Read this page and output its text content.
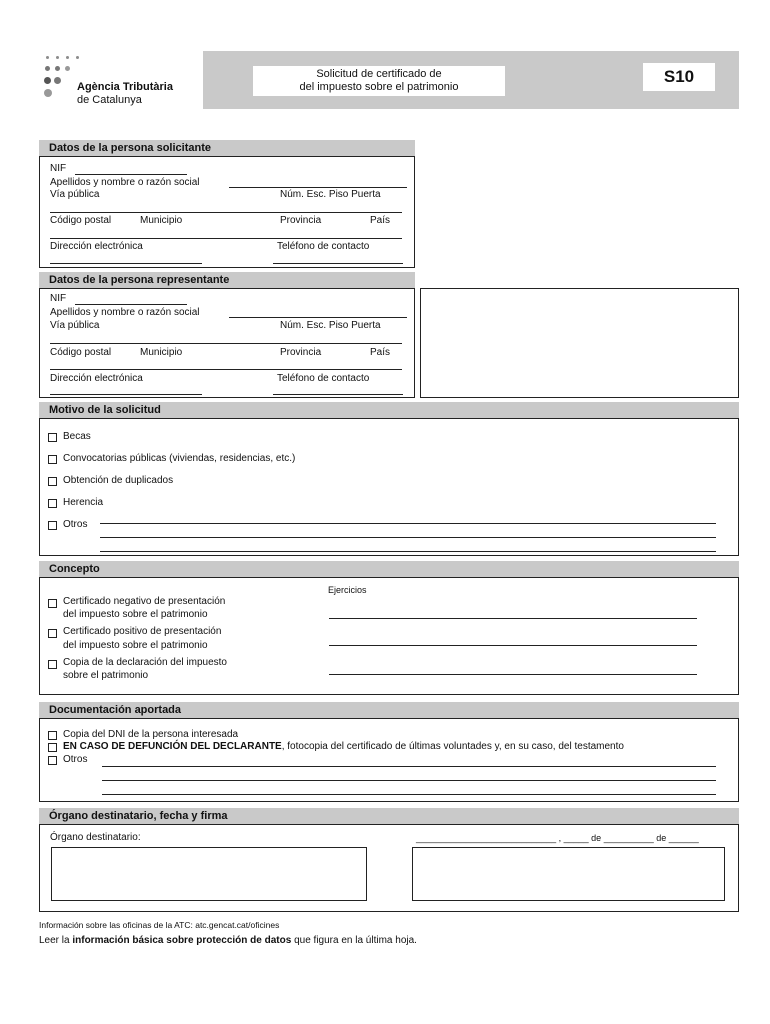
Agència Tributària
de Catalunya
Solicitud de certificado de
del impuesto sobre el patrimonio
S10
Datos de la persona solicitante
NIF
Apellidos y nombre o razón social
Vía pública	Núm. Esc. Piso Puerta
Código postal	Municipio	Provincia	País
Dirección electrónica	Teléfono de contacto
Datos de la persona representante
NIF
Apellidos y nombre o razón social
Vía pública	Núm. Esc. Piso Puerta
Código postal	Municipio	Provincia	País
Dirección electrónica	Teléfono de contacto
Motivo de la solicitud
Becas
Convocatorias públicas (viviendas, residencias, etc.)
Obtención de duplicados
Herencia
Otros
Concepto
Ejercicios
Certificado negativo de presentación
del impuesto sobre el patrimonio
Certificado positivo de presentación
del impuesto sobre el patrimonio
Copia de la declaración del impuesto
sobre el patrimonio
Documentación aportada
Copia del DNI de la persona interesada
EN CASO DE DEFUNCIÓN DEL DECLARANTE, fotocopia del certificado de últimas voluntades y, en su caso, del testamento
Otros
Órgano destinatario, fecha y firma
Órgano destinatario:	____________________________ , _____ de __________ de ______
Información sobre las oficinas de la ATC: atc.gencat.cat/oficines
Leer la información básica sobre protección de datos que figura en la última hoja.
